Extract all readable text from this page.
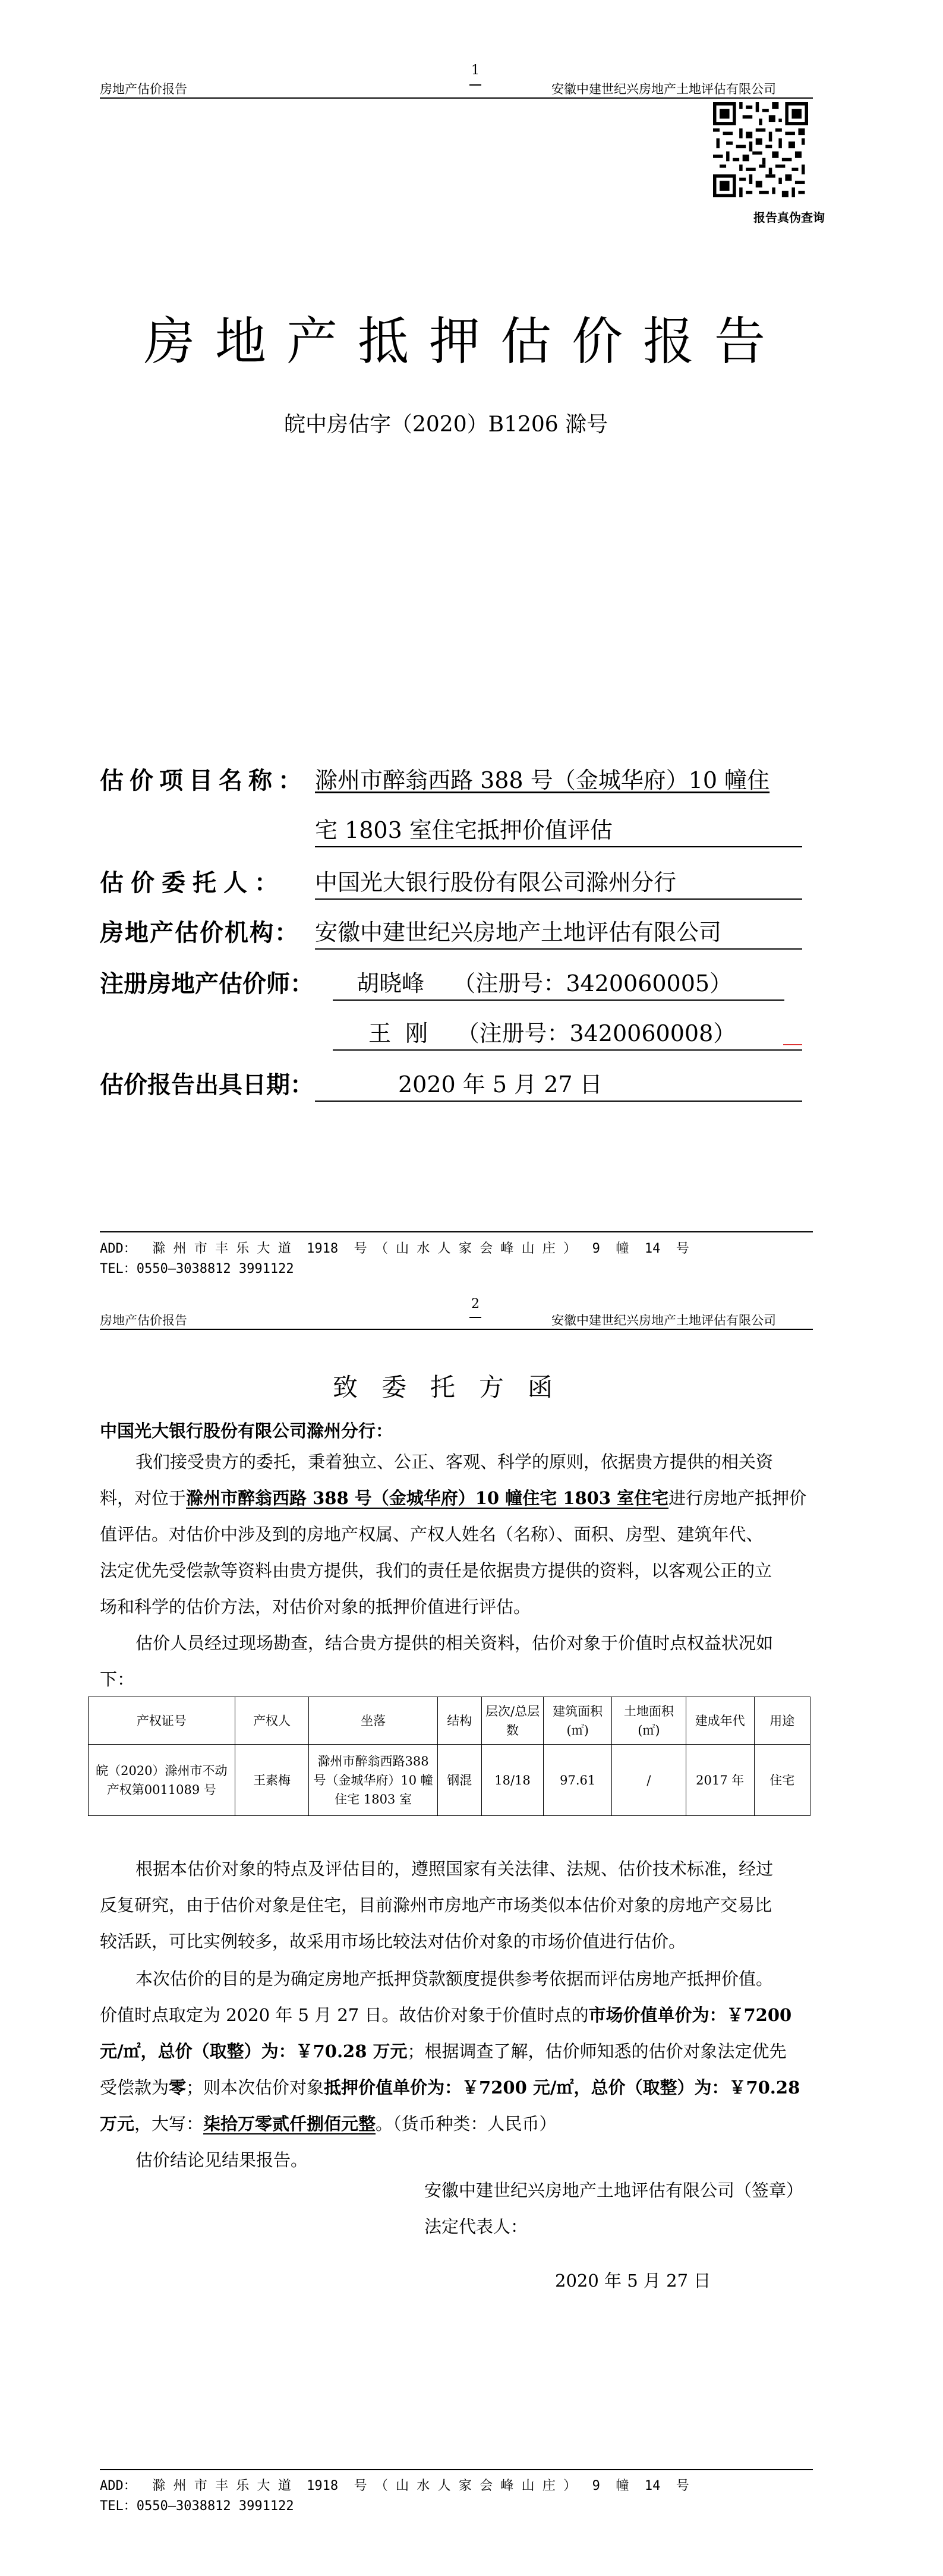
1
房地产估价报告	安徽中建世纪兴房地产土地评估有限公司
报告真伪查询
房地产抵押估价报告
皖中房估字（2020）B1206 滁号
估价项目名称： 滁州市醉翁西路 388 号（金城华府）10 幢住
宅 1803 室住宅抵押价值评估
估价委托人： 中国光大银行股份有限公司滁州分行
房地产估价机构： 安徽中建世纪兴房地产土地评估有限公司
注册房地产估价师：	胡晓峰    （注册号：3420060005）
王  刚    （注册号：3420060008）
估价报告出具日期：	2020 年 5 月 27 日
ADD：  滁 州 市 丰 乐 大 道  1918  号 （ 山 水 人 家 会 峰 山 庄 ）  9  幢  14  号
TEL：0550—3038812 3991122
2
房地产估价报告	安徽中建世纪兴房地产土地评估有限公司
致委托方函
中国光大银行股份有限公司滁州分行：
我们接受贵方的委托，秉着独立、公正、客观、科学的原则，依据贵方提供的相关资
料，对位于滁州市醉翁西路 388 号（金城华府）10 幢住宅 1803 室住宅进行房地产抵押价
值评估。对估价中涉及到的房地产权属、产权人姓名（名称）、面积、房型、建筑年代、
法定优先受偿款等资料由贵方提供，我们的责任是依据贵方提供的资料，以客观公正的立
场和科学的估价方法，对估价对象的抵押价值进行评估。
估价人员经过现场勘查，结合贵方提供的相关资料，估价对象于价值时点权益状况如
下：
产权证号	产权人	坐落	结构	层次/总层数	建筑面积(㎡)	土地面积(㎡)	建成年代	用途
皖（2020）滁州市不动产权第0011089 号	王素梅	滁州市醉翁西路388 号（金城华府）10 幢住宅 1803 室	钢混	18/18	97.61	/	2017 年	住宅
根据本估价对象的特点及评估目的，遵照国家有关法律、法规、估价技术标准，经过
反复研究，由于估价对象是住宅，目前滁州市房地产市场类似本估价对象的房地产交易比
较活跃，可比实例较多，故采用市场比较法对估价对象的市场价值进行估价。
本次估价的目的是为确定房地产抵押贷款额度提供参考依据而评估房地产抵押价值。
价值时点取定为 2020 年 5 月 27 日。故估价对象于价值时点的市场价值单价为：￥7200
元/㎡，总价（取整）为：￥70.28 万元；根据调查了解，估价师知悉的估价对象法定优先
受偿款为零；则本次估价对象抵押价值单价为：￥7200 元/㎡，总价（取整）为：￥70.28
万元，大写：柒拾万零贰仟捌佰元整。（货币种类：人民币）
估价结论见结果报告。
安徽中建世纪兴房地产土地评估有限公司（签章）
法定代表人：
2020 年 5 月 27 日
ADD：  滁 州 市 丰 乐 大 道  1918  号 （ 山 水 人 家 会 峰 山 庄 ）  9  幢  14  号
TEL：0550—3038812 3991122
